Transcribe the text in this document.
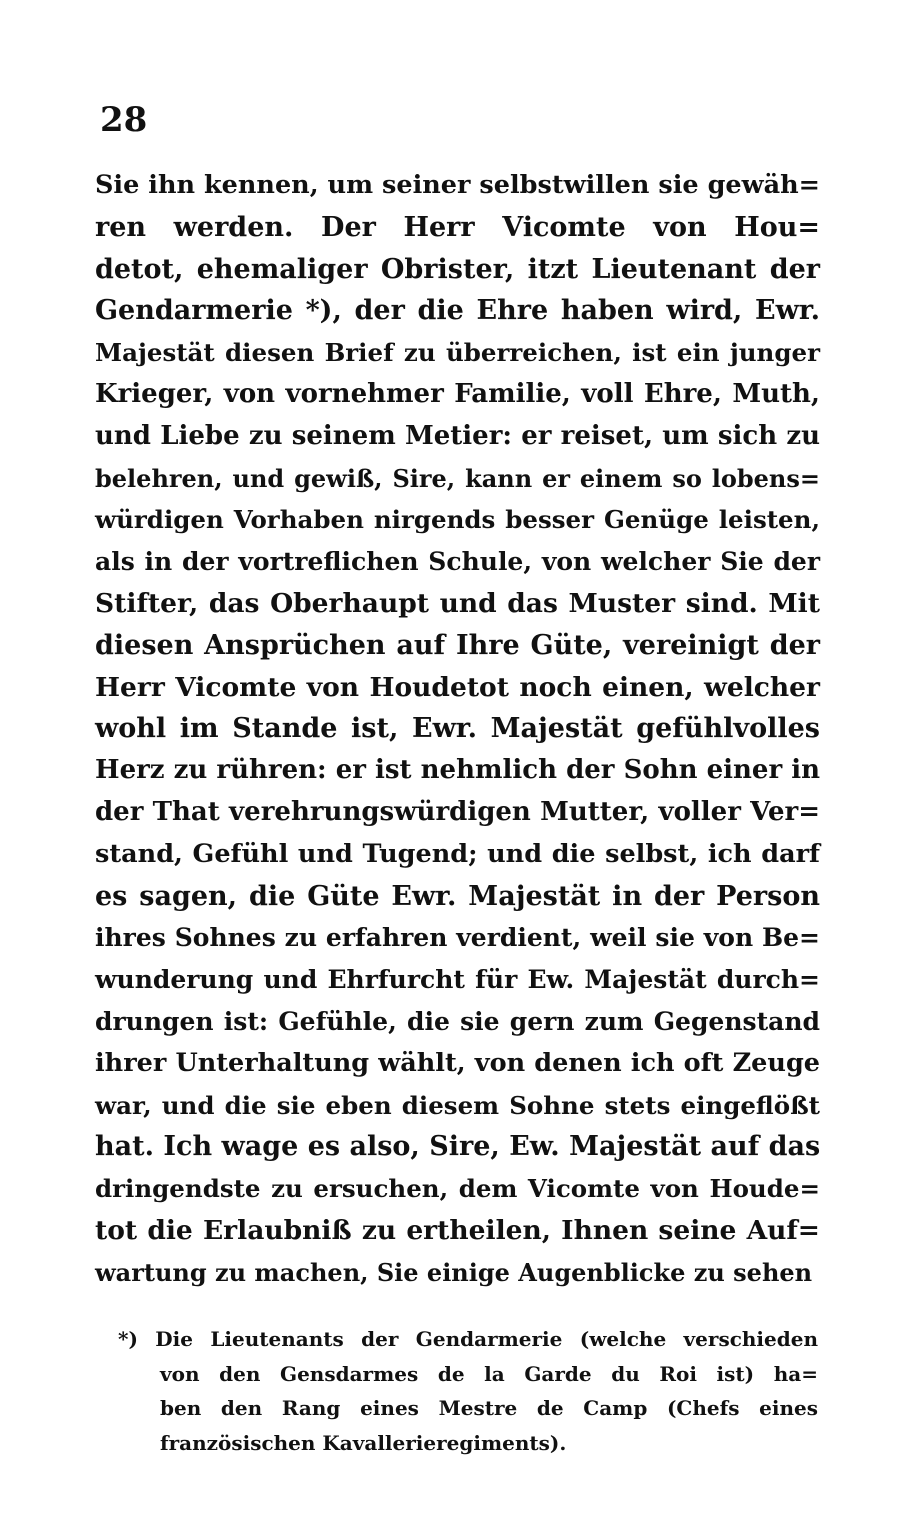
28
Sie ihn kennen, um seiner selbstwillen sie gewäh=
ren werden. Der Herr Vicomte von Hou=
detot, ehemaliger Obrister, itzt Lieutenant der
Gendarmerie *), der die Ehre haben wird, Ewr.
Majestät diesen Brief zu überreichen, ist ein junger
Krieger, von vornehmer Familie, voll Ehre, Muth,
und Liebe zu seinem Metier: er reiset, um sich zu
belehren, und gewiß, Sire, kann er einem so lobens=
würdigen Vorhaben nirgends besser Genüge leisten,
als in der vortreflichen Schule, von welcher Sie der
Stifter, das Oberhaupt und das Muster sind. Mit
diesen Ansprüchen auf Ihre Güte, vereinigt der
Herr Vicomte von Houdetot noch einen, welcher
wohl im Stande ist, Ewr. Majestät gefühlvolles
Herz zu rühren: er ist nehmlich der Sohn einer in
der That verehrungswürdigen Mutter, voller Ver=
stand, Gefühl und Tugend; und die selbst, ich darf
es sagen, die Güte Ewr. Majestät in der Person
ihres Sohnes zu erfahren verdient, weil sie von Be=
wunderung und Ehrfurcht für Ew. Majestät durch=
drungen ist: Gefühle, die sie gern zum Gegenstand
ihrer Unterhaltung wählt, von denen ich oft Zeuge
war, und die sie eben diesem Sohne stets eingeflößt
hat. Ich wage es also, Sire, Ew. Majestät auf das
dringendste zu ersuchen, dem Vicomte von Houde=
tot die Erlaubniß zu ertheilen, Ihnen seine Auf=
wartung zu machen, Sie einige Augenblicke zu sehen
*) Die Lieutenants der Gendarmerie (welche verschieden
von den Gensdarmes de la Garde du Roi ist) ha=
ben den Rang eines Mestre de Camp (Chefs eines
französischen Kavallerieregiments).
